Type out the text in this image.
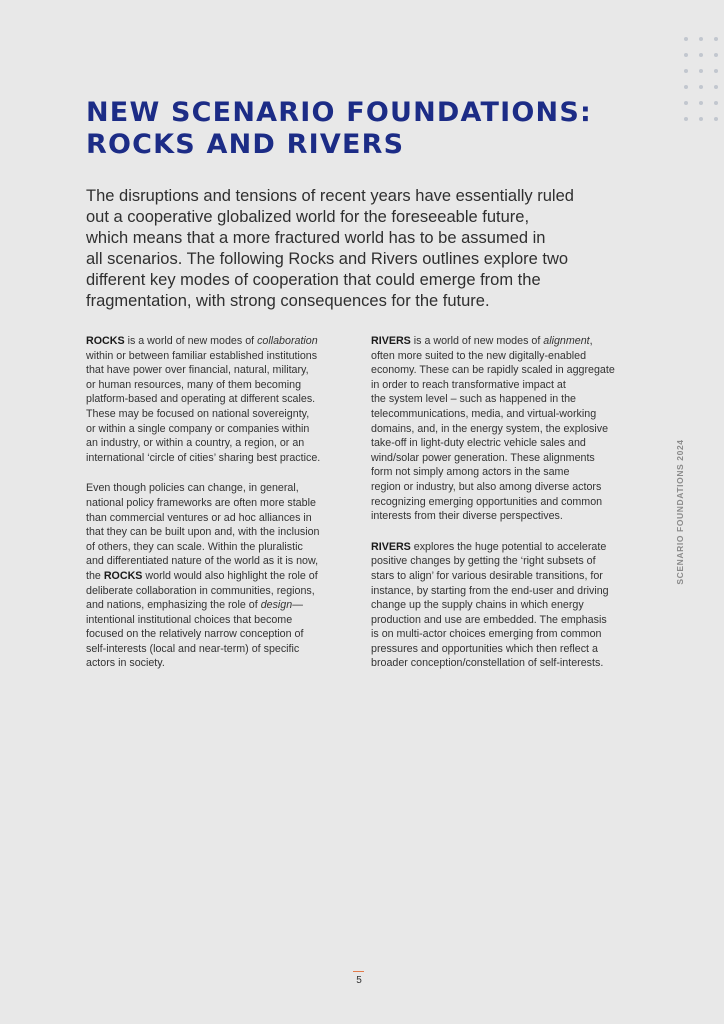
NEW SCENARIO FOUNDATIONS:
ROCKS AND RIVERS
The disruptions and tensions of recent years have essentially ruled
out a cooperative globalized world for the foreseeable future,
which means that a more fractured world has to be assumed in
all scenarios. The following Rocks and Rivers outlines explore two
different key modes of cooperation that could emerge from the
fragmentation, with strong consequences for the future.

ROCKS is a world of new modes of collaboration
within or between familiar established institutions
that have power over financial, natural, military,
or human resources, many of them becoming
platform-based and operating at different scales.
These may be focused on national sovereignty,
or within a single company or companies within
an industry, or within a country, a region, or an
international ‘circle of cities’ sharing best practice.

Even though policies can change, in general,
national policy frameworks are often more stable
than commercial ventures or ad hoc alliances in
that they can be built upon and, with the inclusion
of others, they can scale. Within the pluralistic
and differentiated nature of the world as it is now,
the ROCKS world would also highlight the role of
deliberate collaboration in communities, regions,
and nations, emphasizing the role of design—
intentional institutional choices that become
focused on the relatively narrow conception of
self-interests (local and near-term) of specific
actors in society.

RIVERS is a world of new modes of alignment,
often more suited to the new digitally-enabled
economy. These can be rapidly scaled in aggregate
in order to reach transformative impact at
the system level – such as happened in the
telecommunications, media, and virtual-working
domains, and, in the energy system, the explosive
take-off in light-duty electric vehicle sales and
wind/solar power generation. These alignments
form not simply among actors in the same
region or industry, but also among diverse actors
recognizing emerging opportunities and common
interests from their diverse perspectives.

RIVERS explores the huge potential to accelerate
positive changes by getting the ‘right subsets of
stars to align’ for various desirable transitions, for
instance, by starting from the end-user and driving
change up the supply chains in which energy
production and use are embedded. The emphasis
is on multi-actor choices emerging from common
pressures and opportunities which then reflect a
broader conception/constellation of self-interests.

SCENARIO FOUNDATIONS 2024
5
